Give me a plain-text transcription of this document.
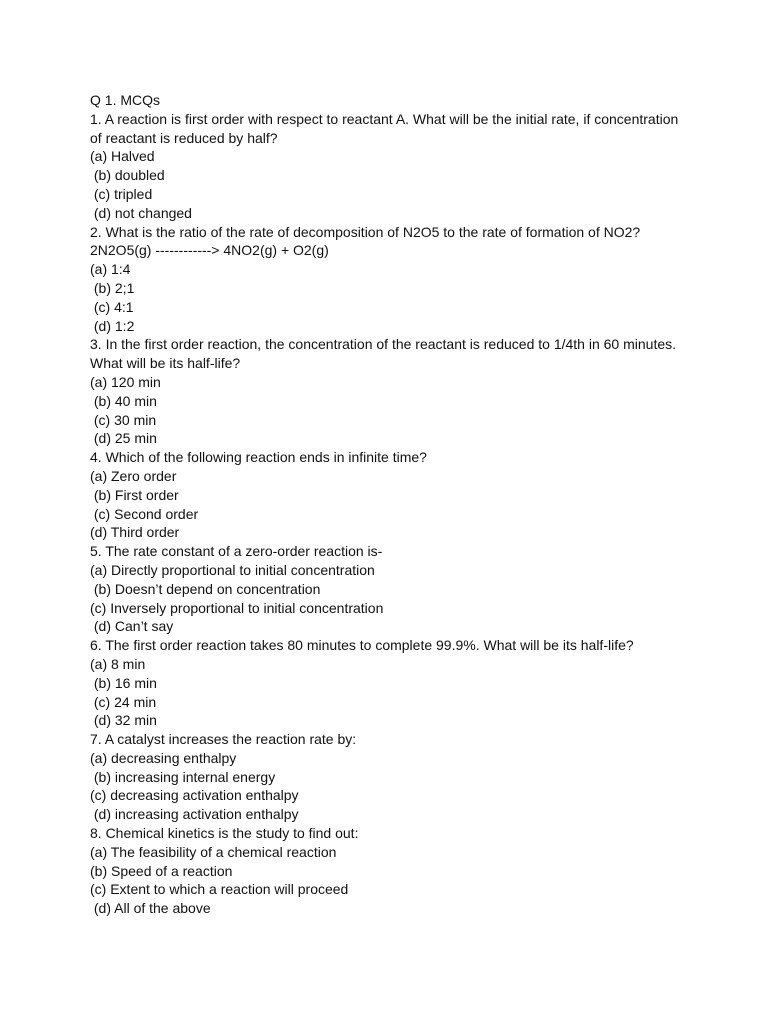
Q 1. MCQs

1. A reaction is first order with respect to reactant A. What will be the initial rate, if concentration

of reactant is reduced by half?

(a) Halved

(b) doubled

(c) tripled

(d) not changed

2. What is the ratio of the rate of decomposition of N2O5 to the rate of formation of NO2?

2N2O5(g) ------------> 4NO2(g) + O2(g)

(a) 1:4

(b) 2;1

(c) 4:1

(d) 1:2

3. In the first order reaction, the concentration of the reactant is reduced to 1/4th in 60 minutes.

What will be its half-life?

(a) 120 min

(b) 40 min

(c) 30 min

(d) 25 min

4. Which of the following reaction ends in infinite time?

(a) Zero order

(b) First order

(c) Second order

(d) Third order

5. The rate constant of a zero-order reaction is-

(a) Directly proportional to initial concentration

(b) Doesn’t depend on concentration

(c) Inversely proportional to initial concentration

(d) Can’t say

6. The first order reaction takes 80 minutes to complete 99.9%. What will be its half-life?

(a) 8 min

(b) 16 min

(c) 24 min

(d) 32 min

7. A catalyst increases the reaction rate by:

(a) decreasing enthalpy

(b) increasing internal energy

(c) decreasing activation enthalpy

(d) increasing activation enthalpy

8. Chemical kinetics is the study to find out:

(a) The feasibility of a chemical reaction

(b) Speed of a reaction

(c) Extent to which a reaction will proceed

(d) All of the above
